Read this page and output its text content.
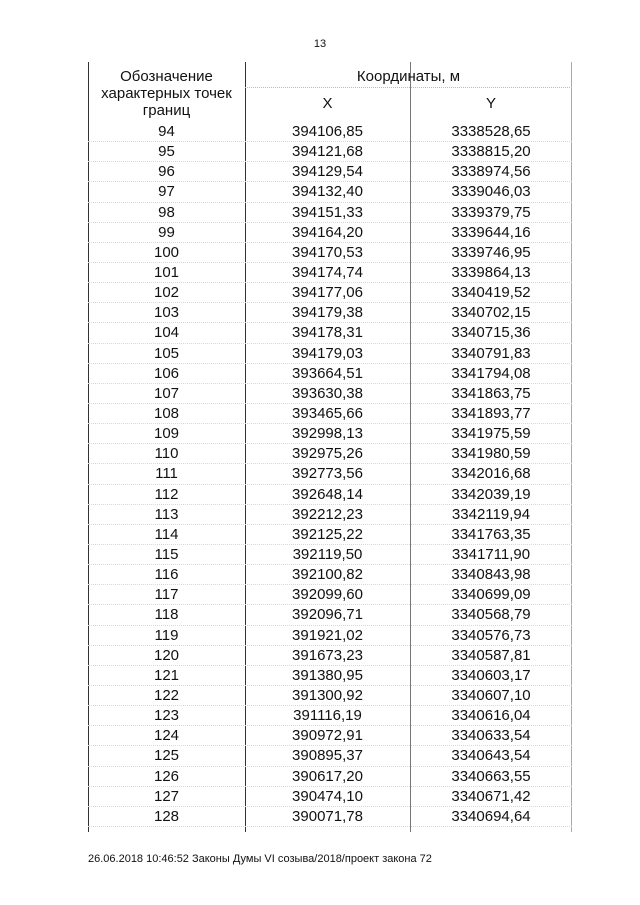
13
Обозначение характерных точек границ
Координаты, м
X	Y
94	394106,85	3338528,65
95	394121,68	3338815,20
96	394129,54	3338974,56
97	394132,40	3339046,03
98	394151,33	3339379,75
99	394164,20	3339644,16
100	394170,53	3339746,95
101	394174,74	3339864,13
102	394177,06	3340419,52
103	394179,38	3340702,15
104	394178,31	3340715,36
105	394179,03	3340791,83
106	393664,51	3341794,08
107	393630,38	3341863,75
108	393465,66	3341893,77
109	392998,13	3341975,59
110	392975,26	3341980,59
111	392773,56	3342016,68
112	392648,14	3342039,19
113	392212,23	3342119,94
114	392125,22	3341763,35
115	392119,50	3341711,90
116	392100,82	3340843,98
117	392099,60	3340699,09
118	392096,71	3340568,79
119	391921,02	3340576,73
120	391673,23	3340587,81
121	391380,95	3340603,17
122	391300,92	3340607,10
123	391116,19	3340616,04
124	390972,91	3340633,54
125	390895,37	3340643,54
126	390617,20	3340663,55
127	390474,10	3340671,42
128	390071,78	3340694,64
26.06.2018 10:46:52 Законы Думы VI созыва/2018/проект закона 72
